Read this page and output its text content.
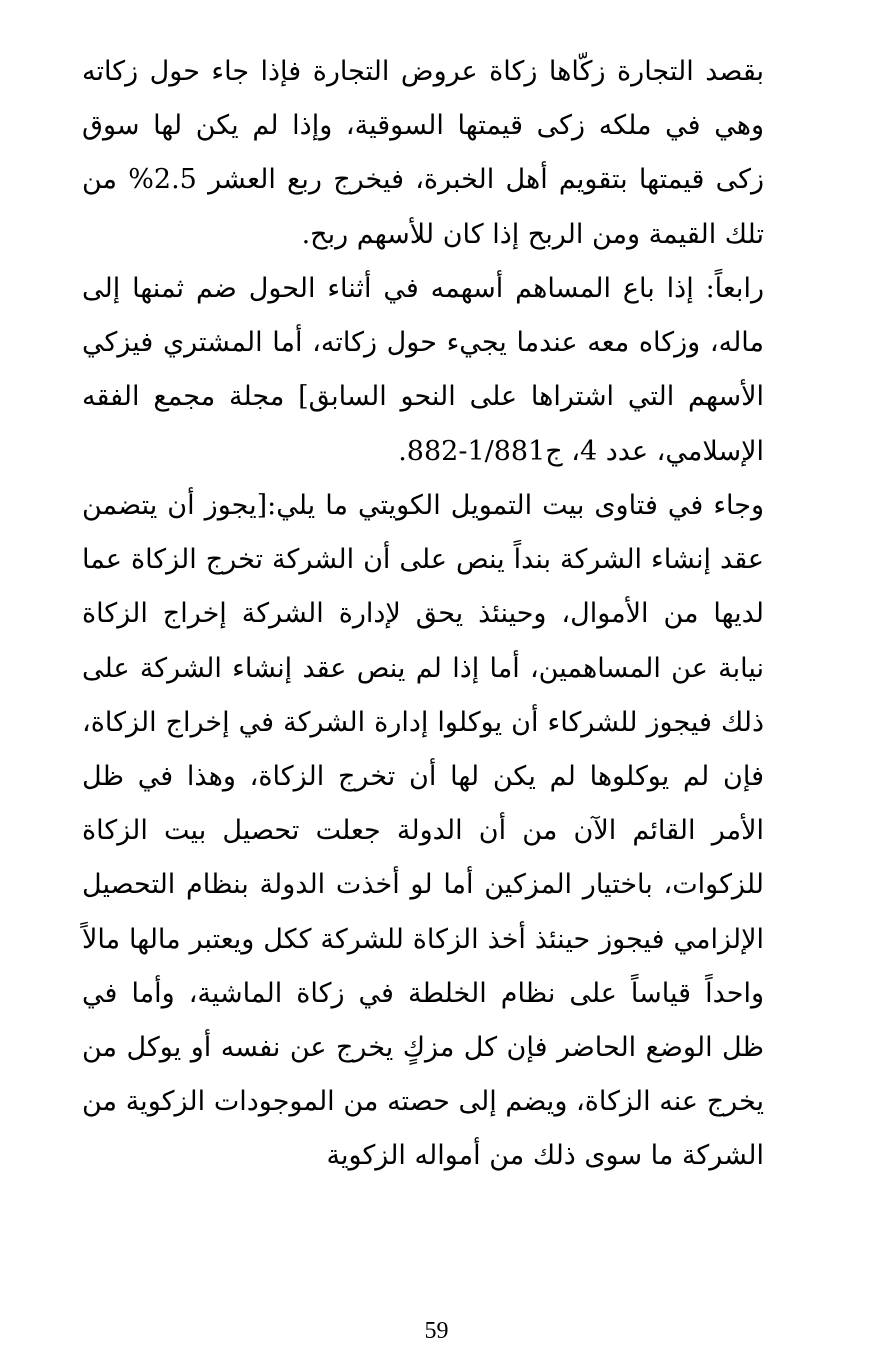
بقصد التجارة زكّاها زكاة عروض التجارة فإذا جاء حول زكاته وهي في ملكه زكى قيمتها السوقية، وإذا لم يكن لها سوق زكى قيمتها بتقويم أهل الخبرة، فيخرج ربع العشر 2.5% من تلك القيمة ومن الربح إذا كان للأسهم ربح.

رابعاً: إذا باع المساهم أسهمه في أثناء الحول ضم ثمنها إلى ماله، وزكاه معه عندما يجيء حول زكاته، أما المشتري فيزكي الأسهم التي اشتراها على النحو السابق] مجلة مجمع الفقه الإسلامي، عدد 4، ج1/881-882.

وجاء في فتاوى بيت التمويل الكويتي ما يلي:[يجوز أن يتضمن عقد إنشاء الشركة بنداً ينص على أن الشركة تخرج الزكاة عما لديها من الأموال، وحينئذ يحق لإدارة الشركة إخراج الزكاة نيابة عن المساهمين، أما إذا لم ينص عقد إنشاء الشركة على ذلك فيجوز للشركاء أن يوكلوا إدارة الشركة في إخراج الزكاة، فإن لم يوكلوها لم يكن لها أن تخرج الزكاة، وهذا في ظل الأمر القائم الآن من أن الدولة جعلت تحصيل بيت الزكاة للزكوات، باختيار المزكين أما لو أخذت الدولة بنظام التحصيل الإلزامي فيجوز حينئذ أخذ الزكاة للشركة ككل ويعتبر مالها مالاً واحداً قياساً على نظام الخلطة في زكاة الماشية، وأما في ظل الوضع الحاضر فإن كل مزكٍ يخرج عن نفسه أو يوكل من يخرج عنه الزكاة، ويضم إلى حصته من الموجودات الزكوية من الشركة ما سوى ذلك من أمواله الزكوية

59
